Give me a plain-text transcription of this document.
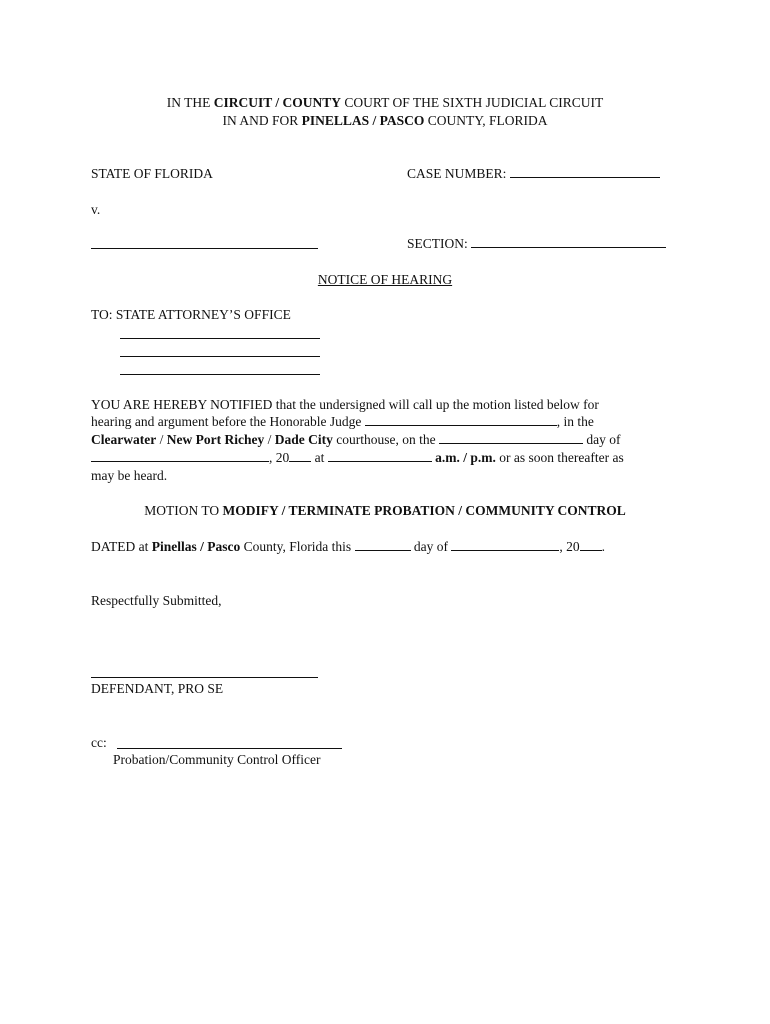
IN THE CIRCUIT / COUNTY COURT OF THE SIXTH JUDICIAL CIRCUIT
IN AND FOR PINELLAS / PASCO COUNTY, FLORIDA
STATE OF FLORIDA	CASE NUMBER:
v.
SECTION:
NOTICE OF HEARING
TO: STATE ATTORNEY’S OFFICE
YOU ARE HEREBY NOTIFIED that the undersigned will call up the motion listed below for
hearing and argument before the Honorable Judge	, in the
Clearwater / New Port Richey / Dade City courthouse, on the	day of
, 20 at	a.m. / p.m. or as soon thereafter as
may be heard.
MOTION TO MODIFY / TERMINATE PROBATION / COMMUNITY CONTROL
DATED at Pinellas / Pasco County, Florida this	day of	, 20 .
Respectfully Submitted,
DEFENDANT, PRO SE
cc:
Probation/Community Control Officer
